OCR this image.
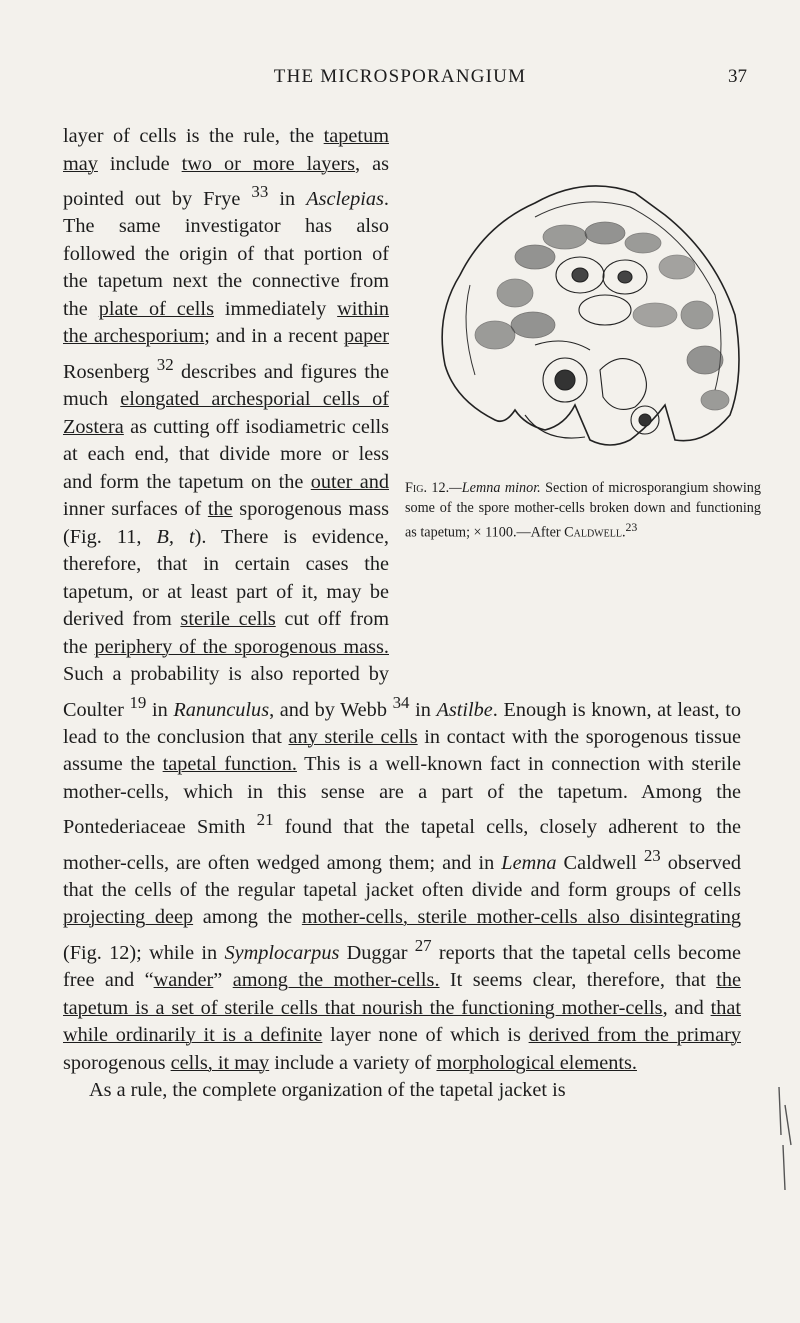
THE MICROSPORANGIUM	37
Fig. 12.—Lemna minor. Section of microsporangium showing some of the spore mother-cells broken down and functioning as tapetum; × 1100.—After Caldwell.$^{23}$

layer of cells is the rule, the tapetum may include two or more layers, as pointed out by Frye $^{33}$ in Asclepias. The same investigator has also followed the origin of that portion of the tapetum next the connective from the plate of cells immediately within the archesporium; and in a recent paper Rosenberg $^{32}$ describes and figures the much elongated archesporial cells of Zostera as cutting off isodiametric cells at each end, that divide more or less and form the tapetum on the outer and inner surfaces of the sporogenous mass (Fig. 11, B, t). There is evidence, therefore, that in certain cases the tapetum, or at least part of it, may be derived from sterile cells cut off from the periphery of the sporogenous mass. Such a probability is also reported by Coulter $^{19}$ in Ranunculus, and by Webb $^{34}$ in Astilbe. Enough is known, at least, to lead to the conclusion that any sterile cells in contact with the sporogenous tissue assume the tapetal function. This is a well-known fact in connection with sterile mother-cells, which in this sense are a part of the tapetum. Among the Pontederiaceae Smith $^{21}$ found that the tapetal cells, closely adherent to the mother-cells, are often wedged among them; and in Lemna Caldwell $^{23}$ observed that the cells of the regular tapetal jacket often divide and form groups of cells projecting deep among the mother-cells, sterile mother-cells also disintegrating (Fig. 12); while in Symplocarpus Duggar $^{27}$ reports that the tapetal cells become free and “wander” among the mother-cells. It seems clear, therefore, that the tapetum is a set of sterile cells that nourish the functioning mother-cells, and that while ordinarily it is a definite layer none of which is derived from the primary sporogenous cells, it may include a variety of morphological elements.

As a rule, the complete organization of the tapetal jacket is
